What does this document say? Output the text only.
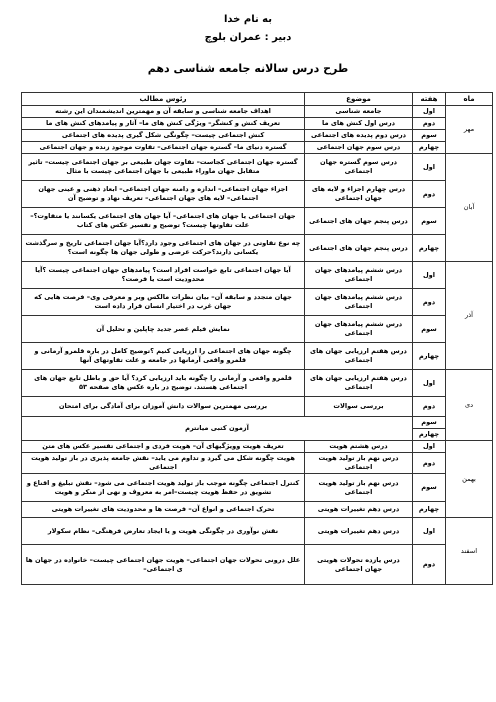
به نام خدا
دبیر : عمران بلوچ
طرح درس سالانه جامعه شناسی دهم
ماه	هفته	موضوع	رئوس مطالب
مهر	اول	جامعه شناسی	اهداف جامعه شناسی و سابقه آن و مهمترین اندیشمندان این رشته
	دوم	درس اول کنش های ما	تعریف کنش و کنشگر– ویژگی کنش های ما– آثار و پیامدهای کنش های ما
	سوم	درس دوم پدیده های اجتماعی	کنش اجتماعی چیست– چگونگی شکل گیری پدیده های اجتماعی
	چهارم	درس سوم جهان اجتماعی	گستره دنیای ما– گستره جهان اجتماعی– تفاوت موجود زنده و جهان اجتماعی
آبان	اول	درس سوم گستره جهان اجتماعی	گستره جهان اجتماعی کجاست– تفاوت جهان طبیعی بر جهان اجتماعی چیست– تاثیر متقابل جهان ماوراء طبیعی با جهان اجتماعی چیست با مثال
	دوم	درس چهارم اجزاء و لایه های جهان اجتماعی	اجزاء جهان اجتماعی– اندازه و دامنه جهان اجتماعی– ابعاد ذهنی و عینی جهان اجتماعی– لایه های جهان اجتماعی– تعریف نهاد و توضیح آن
	سوم	درس پنجم جهان های اجتماعی	جهان اجتماعی یا جهان های اجتماعی– آیا جهان های اجتماعی یکسانند یا متفاوت؟– علت تفاوتها چیست؟ توضیح و تفسیر عکس های کتاب
	چهارم	درس پنجم جهان های اجتماعی	چه نوع تفاوتی در جهان های اجتماعی وجود دارد؟آیا جهان اجتماعی تاریخ و سرگذشت یکسانی دارند؟حرکت عرضی و طولی جهان ها چگونه است؟
آذر	اول	درس ششم پیامدهای جهان اجتماعی	آیا جهان اجتماعی تابع خواست افراد است؟ پیامدهای جهان اجتماعی چیست ؟آیا محدودیت است یا فرصت؟
	دوم	درس ششم پیامدهای جهان اجتماعی	جهان متجدد و سابقه آن– بیان نظرات مالکس وبر و معرفی وی– فرصت هایی که جهان غرب در اختیار انسان قرار داده است
	سوم	درس ششم پیامدهای جهان اجتماعی	نمایش فیلم عصر جدید چاپلین و تحلیل آن
	چهارم	درس هفتم ارزیابی جهان های اجتماعی	چگونه جهان های اجتماعی را ارزیابی کنیم ؟توضیح کامل در باره قلمرو آرمانی و قلمرو واقعی آرمانها در جامعه و علت تفاوتهای آنها
دی	اول	درس هفتم ارزیابی جهان های اجتماعی	قلمرو واقعی و آرمانی را چگونه باید ارزیابی کرد؟ آیا حق و باطل تابع جهان های اجتماعی هستند. توضیح در باره عکس های صفحه ۵۳
	دوم	بررسی سوالات	بررسی مهمترین سوالات دانش آموزان برای آمادگی برای امتحان
	سوم	آزمون کتبی میانترم	
	چهارم		
بهمن	اول	درس هشتم هویت	تعریف هویت وویژگیهای آن– هویت فردی و اجتماعی تفسیر عکس های متن
	دوم	درس نهم باز تولید هویت اجتماعی	هویت چگونه شکل می گیرد و تداوم می یابد– نقش جامعه پذیری در باز تولید هویت اجتماعی
	سوم	درس نهم باز تولید هویت اجتماعی	کنترل اجتماعی چگونه موجب باز تولید هویت اجتماعی می شود– نقش تبلیغ و اقناع و تشویق در حفظ هویت چیست–امر به معروف و نهی از منکر و هویت
	چهارم	درس دهم تغییرات هویتی	تحرک اجتماعی و انواع آن– فرصت ها و محدودیت های تغییرات هویتی
اسفند	اول	درس دهم تغییرات هویتی	نقش نوآوری در چگونگی هویت و یا ایجاد تعارض فرهنگی– نظام سکولار
	دوم	درس یازده تحولات هویتی جهان اجتماعی	علل درونی تحولات جهان اجتماعی– هویت جهان اجتماعی چیست– خانواده در جهان ها ی اجتماعی–
